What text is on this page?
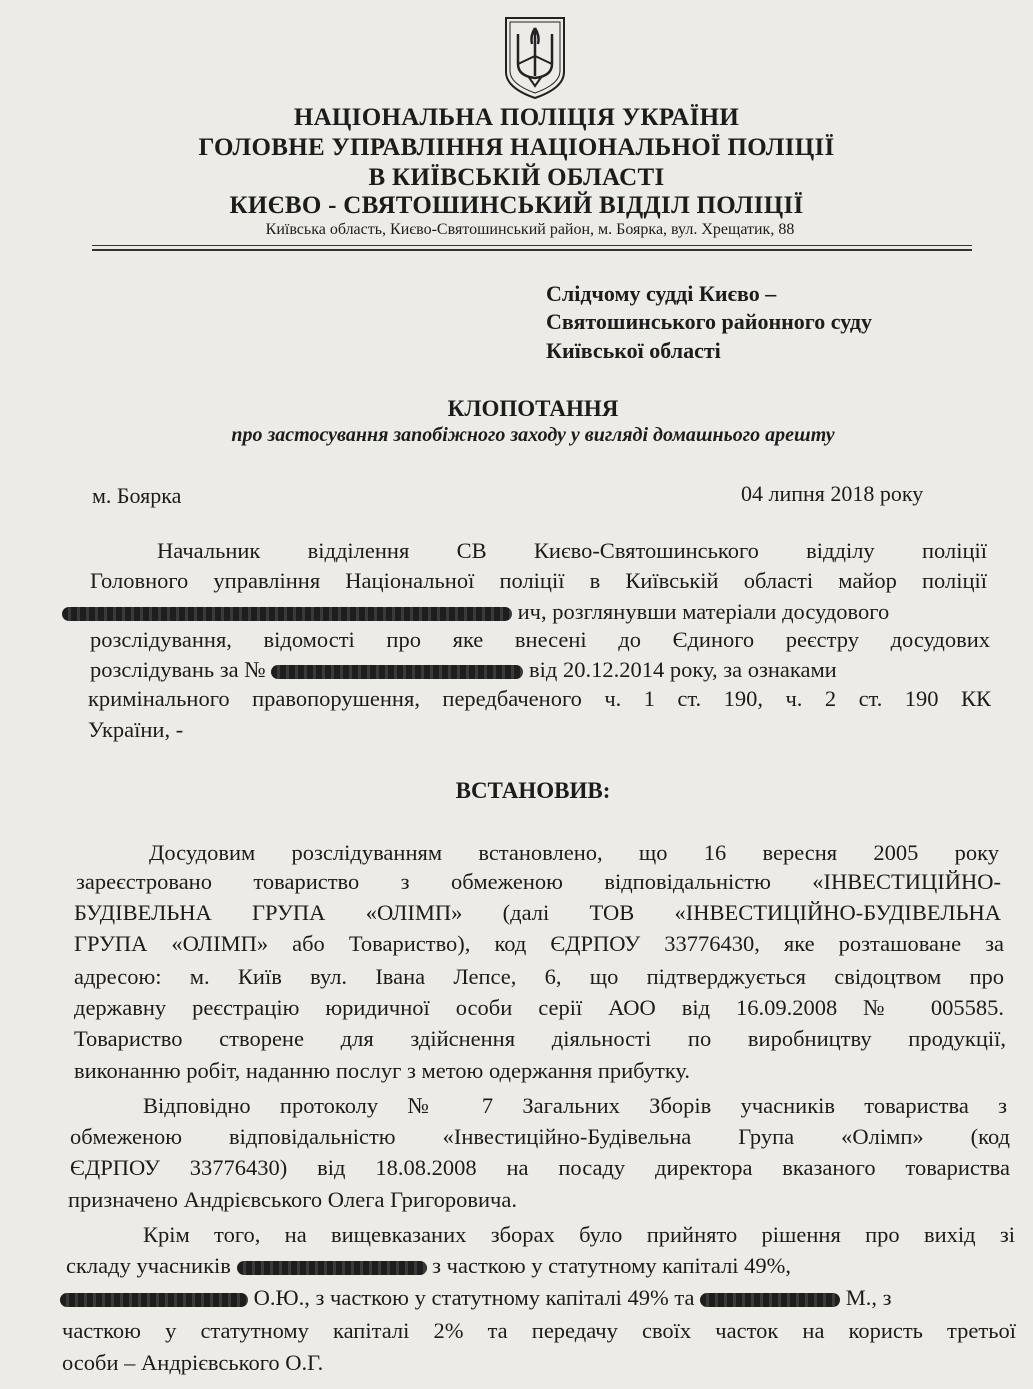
НАЦІОНАЛЬНА ПОЛІЦІЯ УКРАЇНИ
ГОЛОВНЕ УПРАВЛІННЯ НАЦІОНАЛЬНОЇ ПОЛІЦІЇ
В КИЇВСЬКІЙ ОБЛАСТІ
КИЄВО - СВЯТОШИНСЬКИЙ ВІДДІЛ ПОЛІЦІЇ
Київська область, Києво-Святошинський район, м. Боярка, вул. Хрещатик, 88
Слідчому судді Києво –
Святошинського районного суду
Київської області
КЛОПОТАННЯ
про застосування запобіжного заходу у вигляді домашнього арешту
м. Боярка	04 липня 2018 року
Начальник відділення СВ Києво-Святошинського відділу поліції
Головного управління Національної поліції в Київській області майор поліції
ич, розглянувши матеріали досудового
розслідування, відомості про яке внесені до Єдиного реєстру досудових
розслідувань за №	від 20.12.2014 року, за ознаками
кримінального правопорушення, передбаченого ч. 1 ст. 190, ч. 2 ст. 190 КК
України, -
ВСТАНОВИВ:
Досудовим розслідуванням встановлено, що 16 вересня 2005 року
зареєстровано товариство з обмеженою відповідальністю «ІНВЕСТИЦІЙНО-
БУДІВЕЛЬНА ГРУПА «ОЛІМП» (далі ТОВ «ІНВЕСТИЦІЙНО-БУДІВЕЛЬНА
ГРУПА «ОЛІМП» або Товариство), код ЄДРПОУ 33776430, яке розташоване за
адресою: м. Київ вул. Івана Лепсе, 6, що підтверджується свідоцтвом про
державну реєстрацію юридичної особи серії АОО від 16.09.2008 № 005585.
Товариство створене для здійснення діяльності по виробництву продукції,
виконанню робіт, наданню послуг з метою одержання прибутку.
Відповідно протоколу № 7 Загальних Зборів учасників товариства з
обмеженою відповідальністю «Інвестиційно-Будівельна Група «Олімп» (код
ЄДРПОУ 33776430) від 18.08.2008 на посаду директора вказаного товариства
призначено Андрієвського Олега Григоровича.
Крім того, на вищевказаних зборах було прийнято рішення про вихід зі
складу учасників	з часткою у статутному капіталі 49%,
О.Ю., з часткою у статутному капіталі 49% та	М., з
часткою у статутному капіталі 2% та передачу своїх часток на користь третьої
особи – Андрієвського О.Г.
